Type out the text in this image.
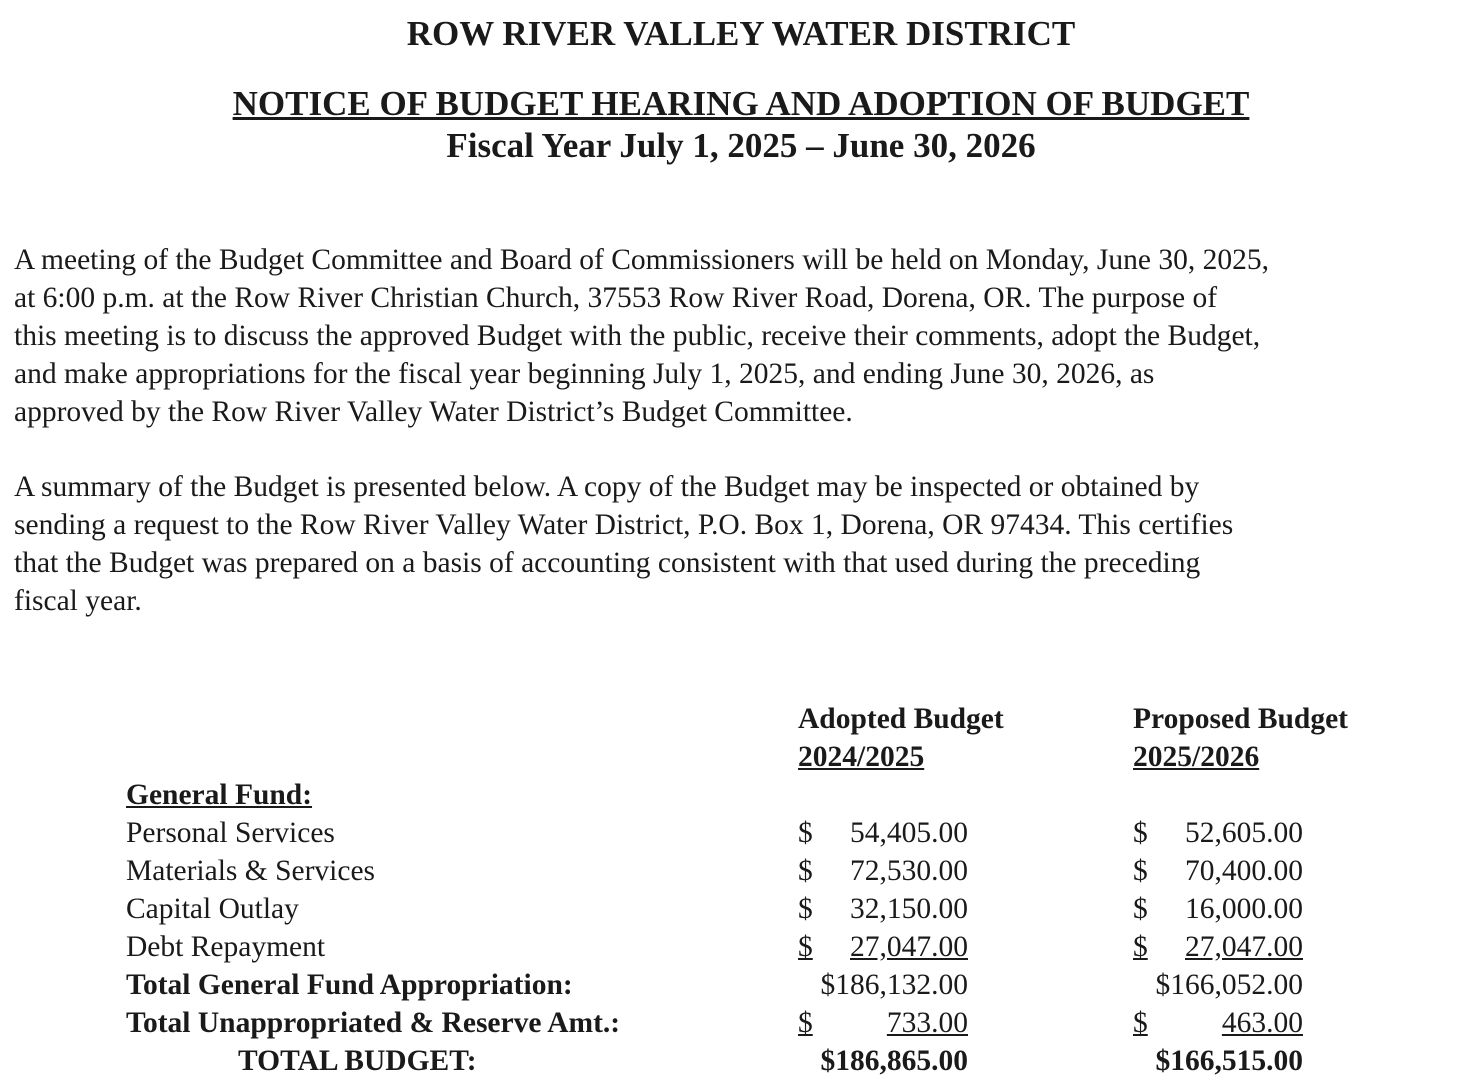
ROW RIVER VALLEY WATER DISTRICT
NOTICE OF BUDGET HEARING AND ADOPTION OF BUDGET
Fiscal Year July 1, 2025 – June 30, 2026

A meeting of the Budget Committee and Board of Commissioners will be held on Monday, June 30, 2025,
at 6:00 p.m. at the Row River Christian Church, 37553 Row River Road, Dorena, OR. The purpose of
this meeting is to discuss the approved Budget with the public, receive their comments, adopt the Budget,
and make appropriations for the fiscal year beginning July 1, 2025, and ending June 30, 2026, as
approved by the Row River Valley Water District’s Budget Committee.

A summary of the Budget is presented below. A copy of the Budget may be inspected or obtained by
sending a request to the Row River Valley Water District, P.O. Box 1, Dorena, OR 97434. This certifies
that the Budget was prepared on a basis of accounting consistent with that used during the preceding
fiscal year.

Adopted Budget
2024/2025
Proposed Budget
2025/2026
General Fund:
Personal Services	$ 54,405.00	$ 52,605.00
Materials & Services	$ 72,530.00	$ 70,400.00
Capital Outlay	$ 32,150.00	$ 16,000.00
Debt Repayment	$ 27,047.00	$ 27,047.00
Total General Fund Appropriation:	$186,132.00	$166,052.00
Total Unappropriated & Reserve Amt.:	$	733.00	$	463.00
TOTAL BUDGET:	$186,865.00	$166,515.00
